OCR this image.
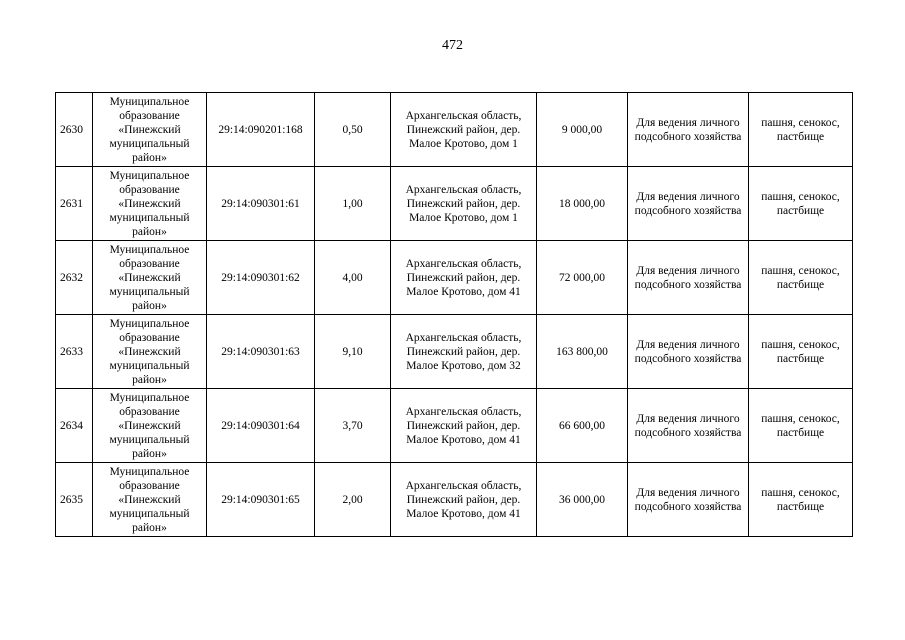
472
2630	Муниципальное образование «Пинежский муниципальный район»	29:14:090201:168	0,50	Архангельская область, Пинежский район, дер. Малое Кротово, дом 1	9 000,00	Для ведения личного подсобного хозяйства	пашня, сенокос, пастбище
2631	Муниципальное образование «Пинежский муниципальный район»	29:14:090301:61	1,00	Архангельская область, Пинежский район, дер. Малое Кротово, дом 1	18 000,00	Для ведения личного подсобного хозяйства	пашня, сенокос, пастбище
2632	Муниципальное образование «Пинежский муниципальный район»	29:14:090301:62	4,00	Архангельская область, Пинежский район, дер. Малое Кротово, дом 41	72 000,00	Для ведения личного подсобного хозяйства	пашня, сенокос, пастбище
2633	Муниципальное образование «Пинежский муниципальный район»	29:14:090301:63	9,10	Архангельская область, Пинежский район, дер. Малое Кротово, дом 32	163 800,00	Для ведения личного подсобного хозяйства	пашня, сенокос, пастбище
2634	Муниципальное образование «Пинежский муниципальный район»	29:14:090301:64	3,70	Архангельская область, Пинежский район, дер. Малое Кротово, дом 41	66 600,00	Для ведения личного подсобного хозяйства	пашня, сенокос, пастбище
2635	Муниципальное образование «Пинежский муниципальный район»	29:14:090301:65	2,00	Архангельская область, Пинежский район, дер. Малое Кротово, дом 41	36 000,00	Для ведения личного подсобного хозяйства	пашня, сенокос, пастбище
